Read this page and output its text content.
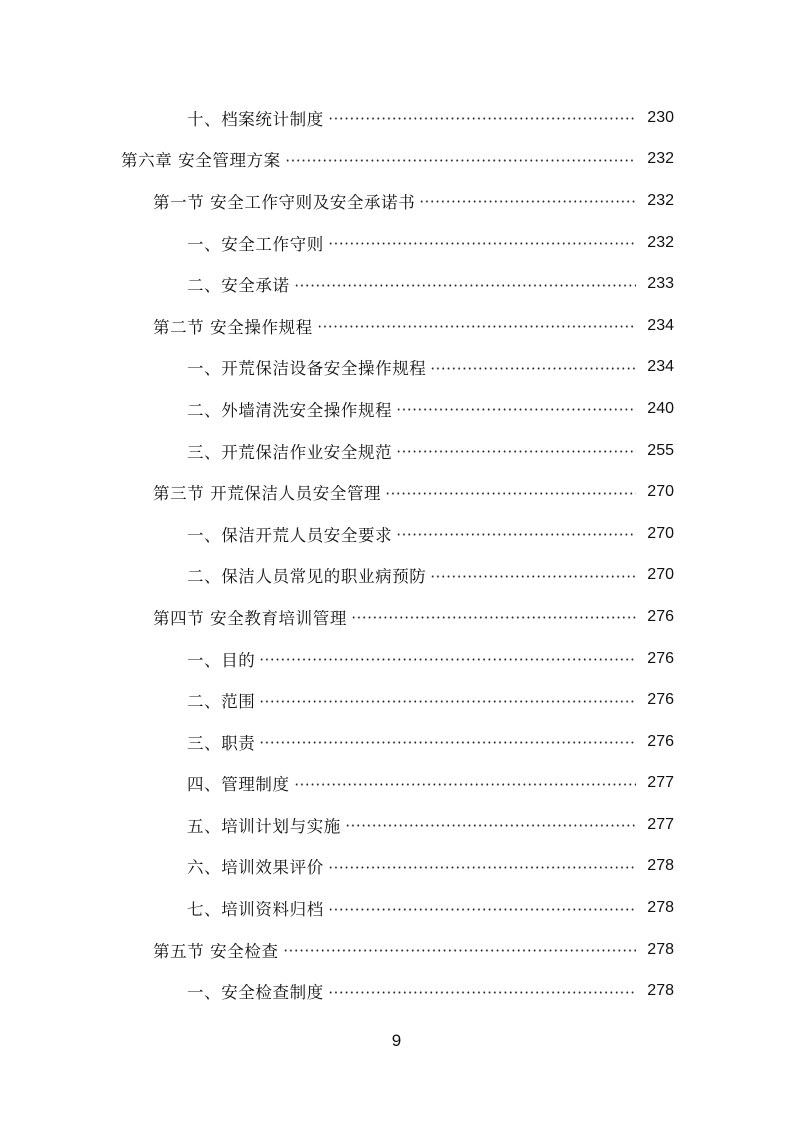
十、档案统计制度	230
第六章 安全管理方案	232
第一节 安全工作守则及安全承诺书	232
一、安全工作守则	232
二、安全承诺	233
第二节 安全操作规程	234
一、开荒保洁设备安全操作规程	234
二、外墙清洗安全操作规程	240
三、开荒保洁作业安全规范	255
第三节 开荒保洁人员安全管理	270
一、保洁开荒人员安全要求	270
二、保洁人员常见的职业病预防	270
第四节 安全教育培训管理	276
一、目的	276
二、范围	276
三、职责	276
四、管理制度	277
五、培训计划与实施	277
六、培训效果评价	278
七、培训资料归档	278
第五节 安全检查	278
一、安全检查制度	278
9
